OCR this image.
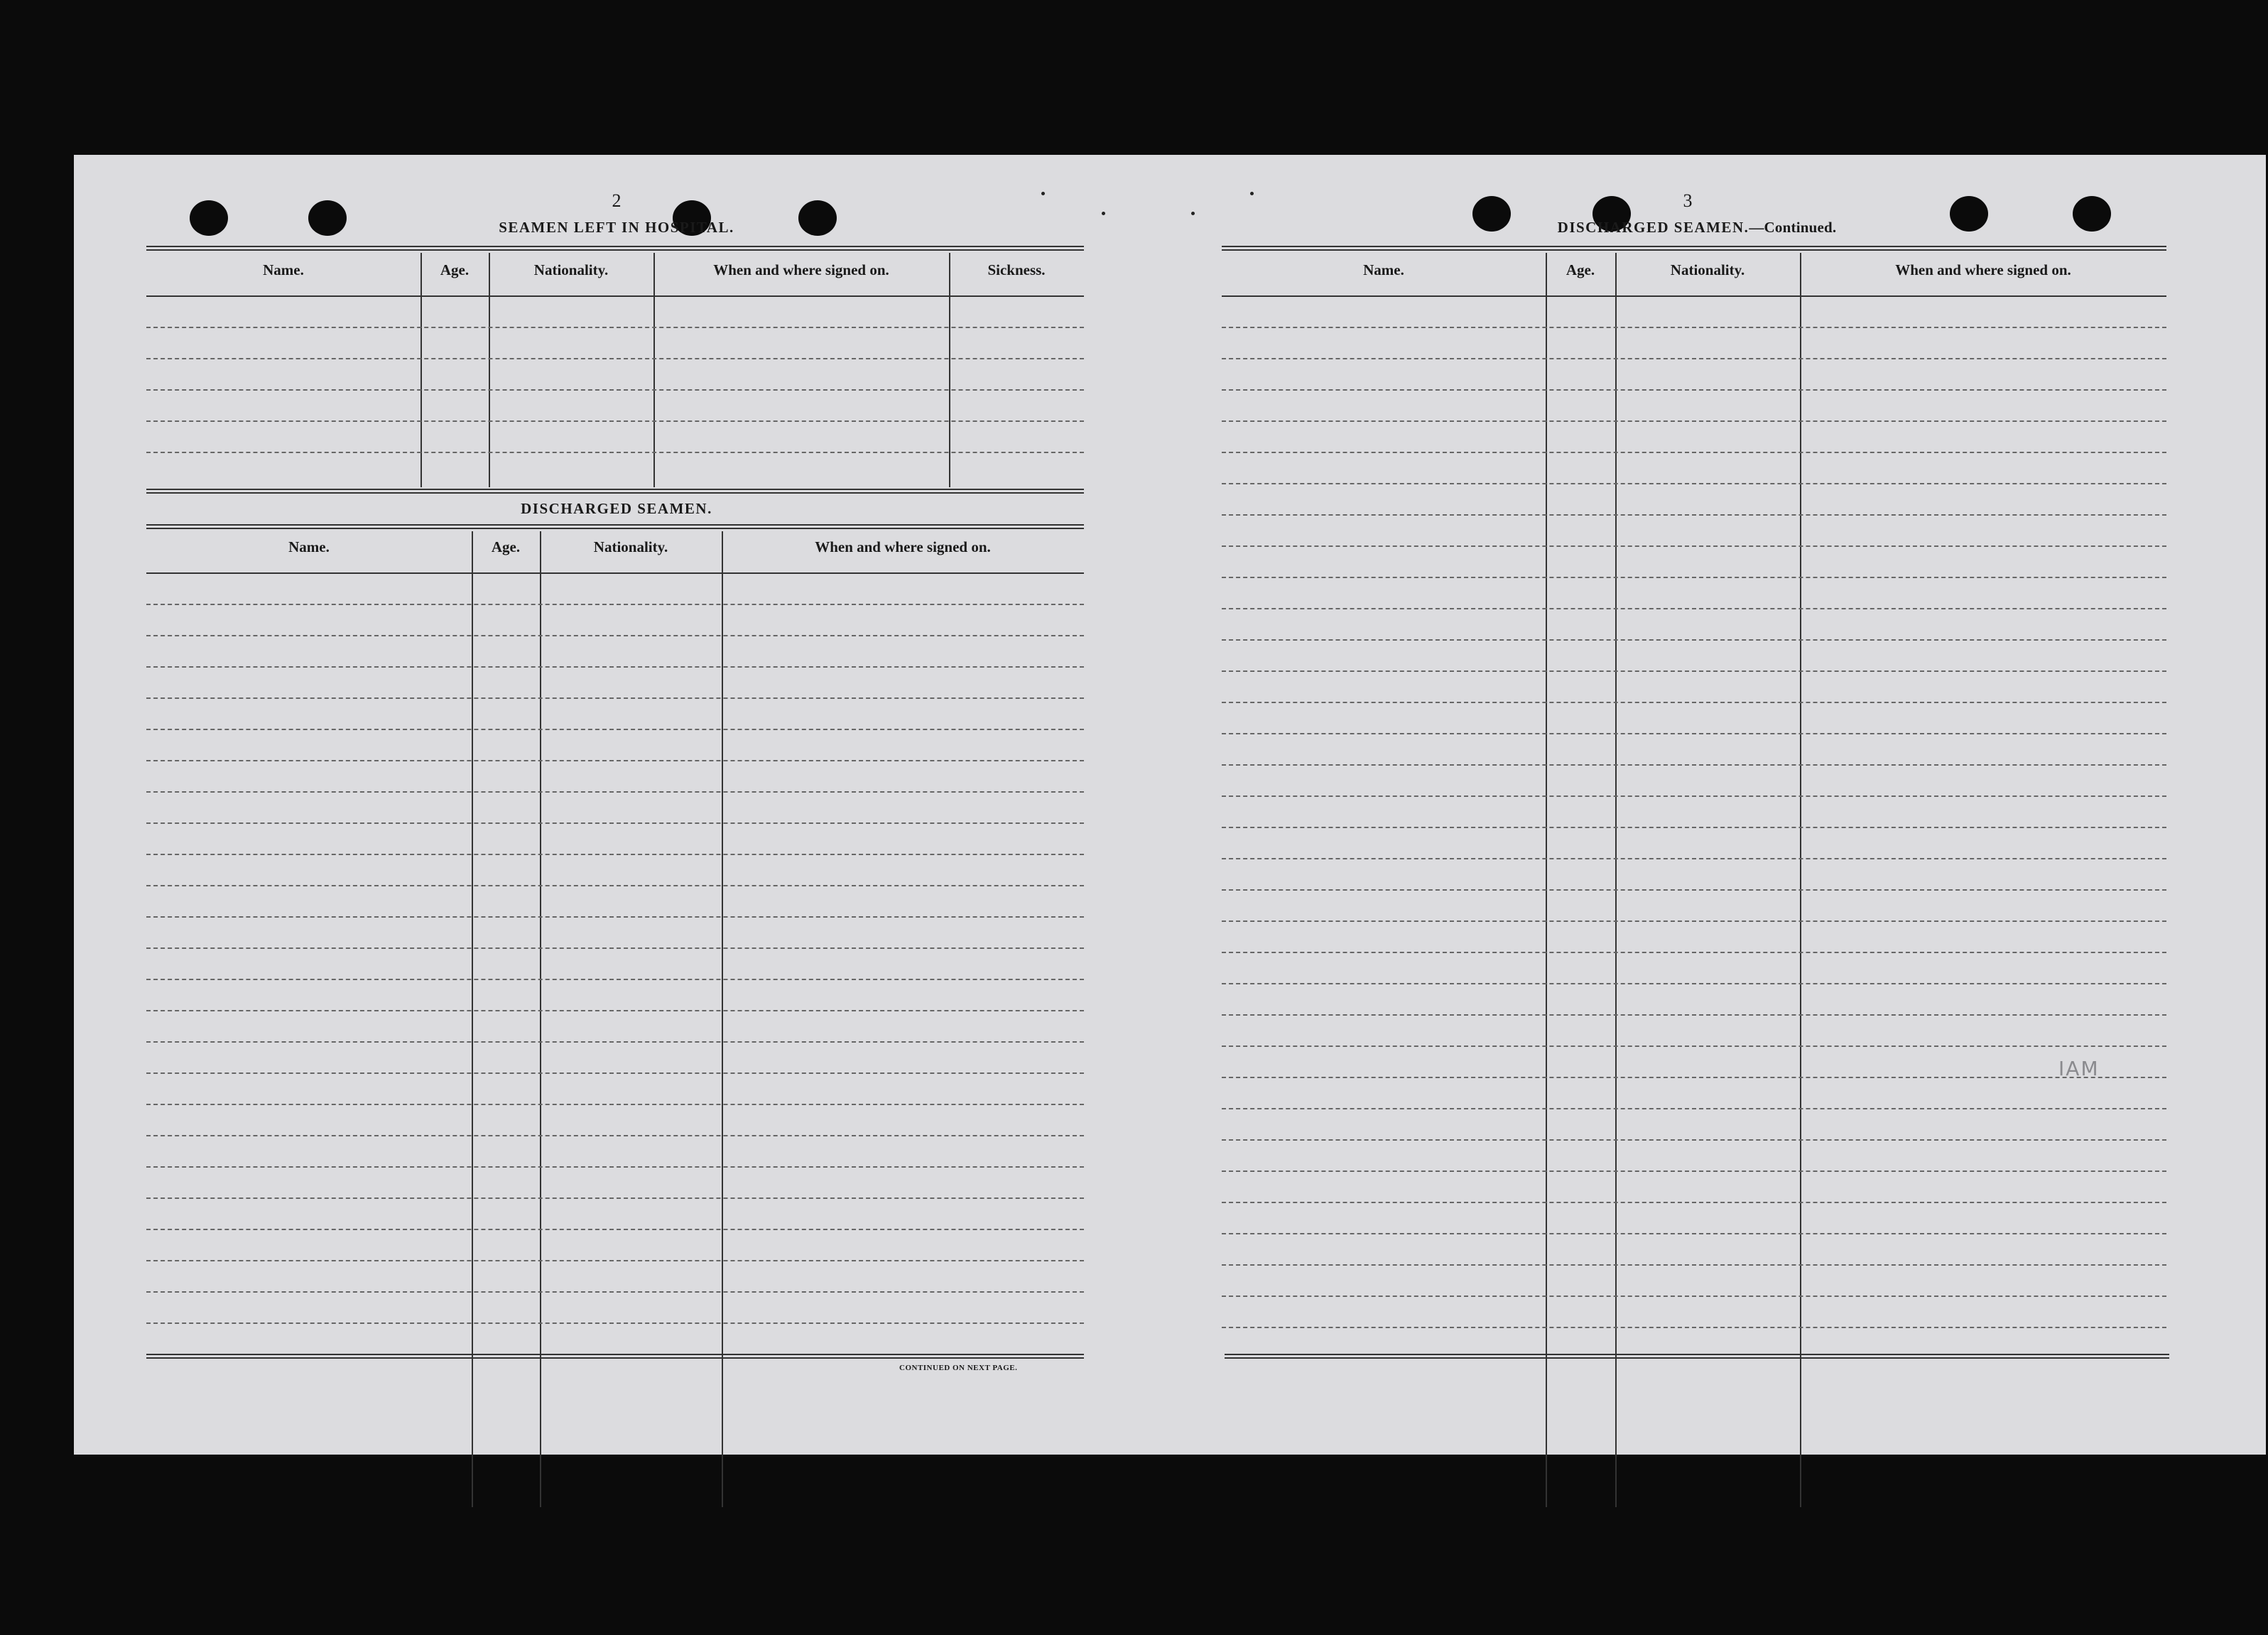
2
SEAMEN LEFT IN HOSPITAL.
Name.	Age.	Nationality.	When and where signed on.	Sickness.
DISCHARGED SEAMEN.
Name.	Age.	Nationality.	When and where signed on.
CONTINUED ON NEXT PAGE.
3
DISCHARGED SEAMEN.—Continued.
Name.	Age.	Nationality.	When and where signed on.
MAI
